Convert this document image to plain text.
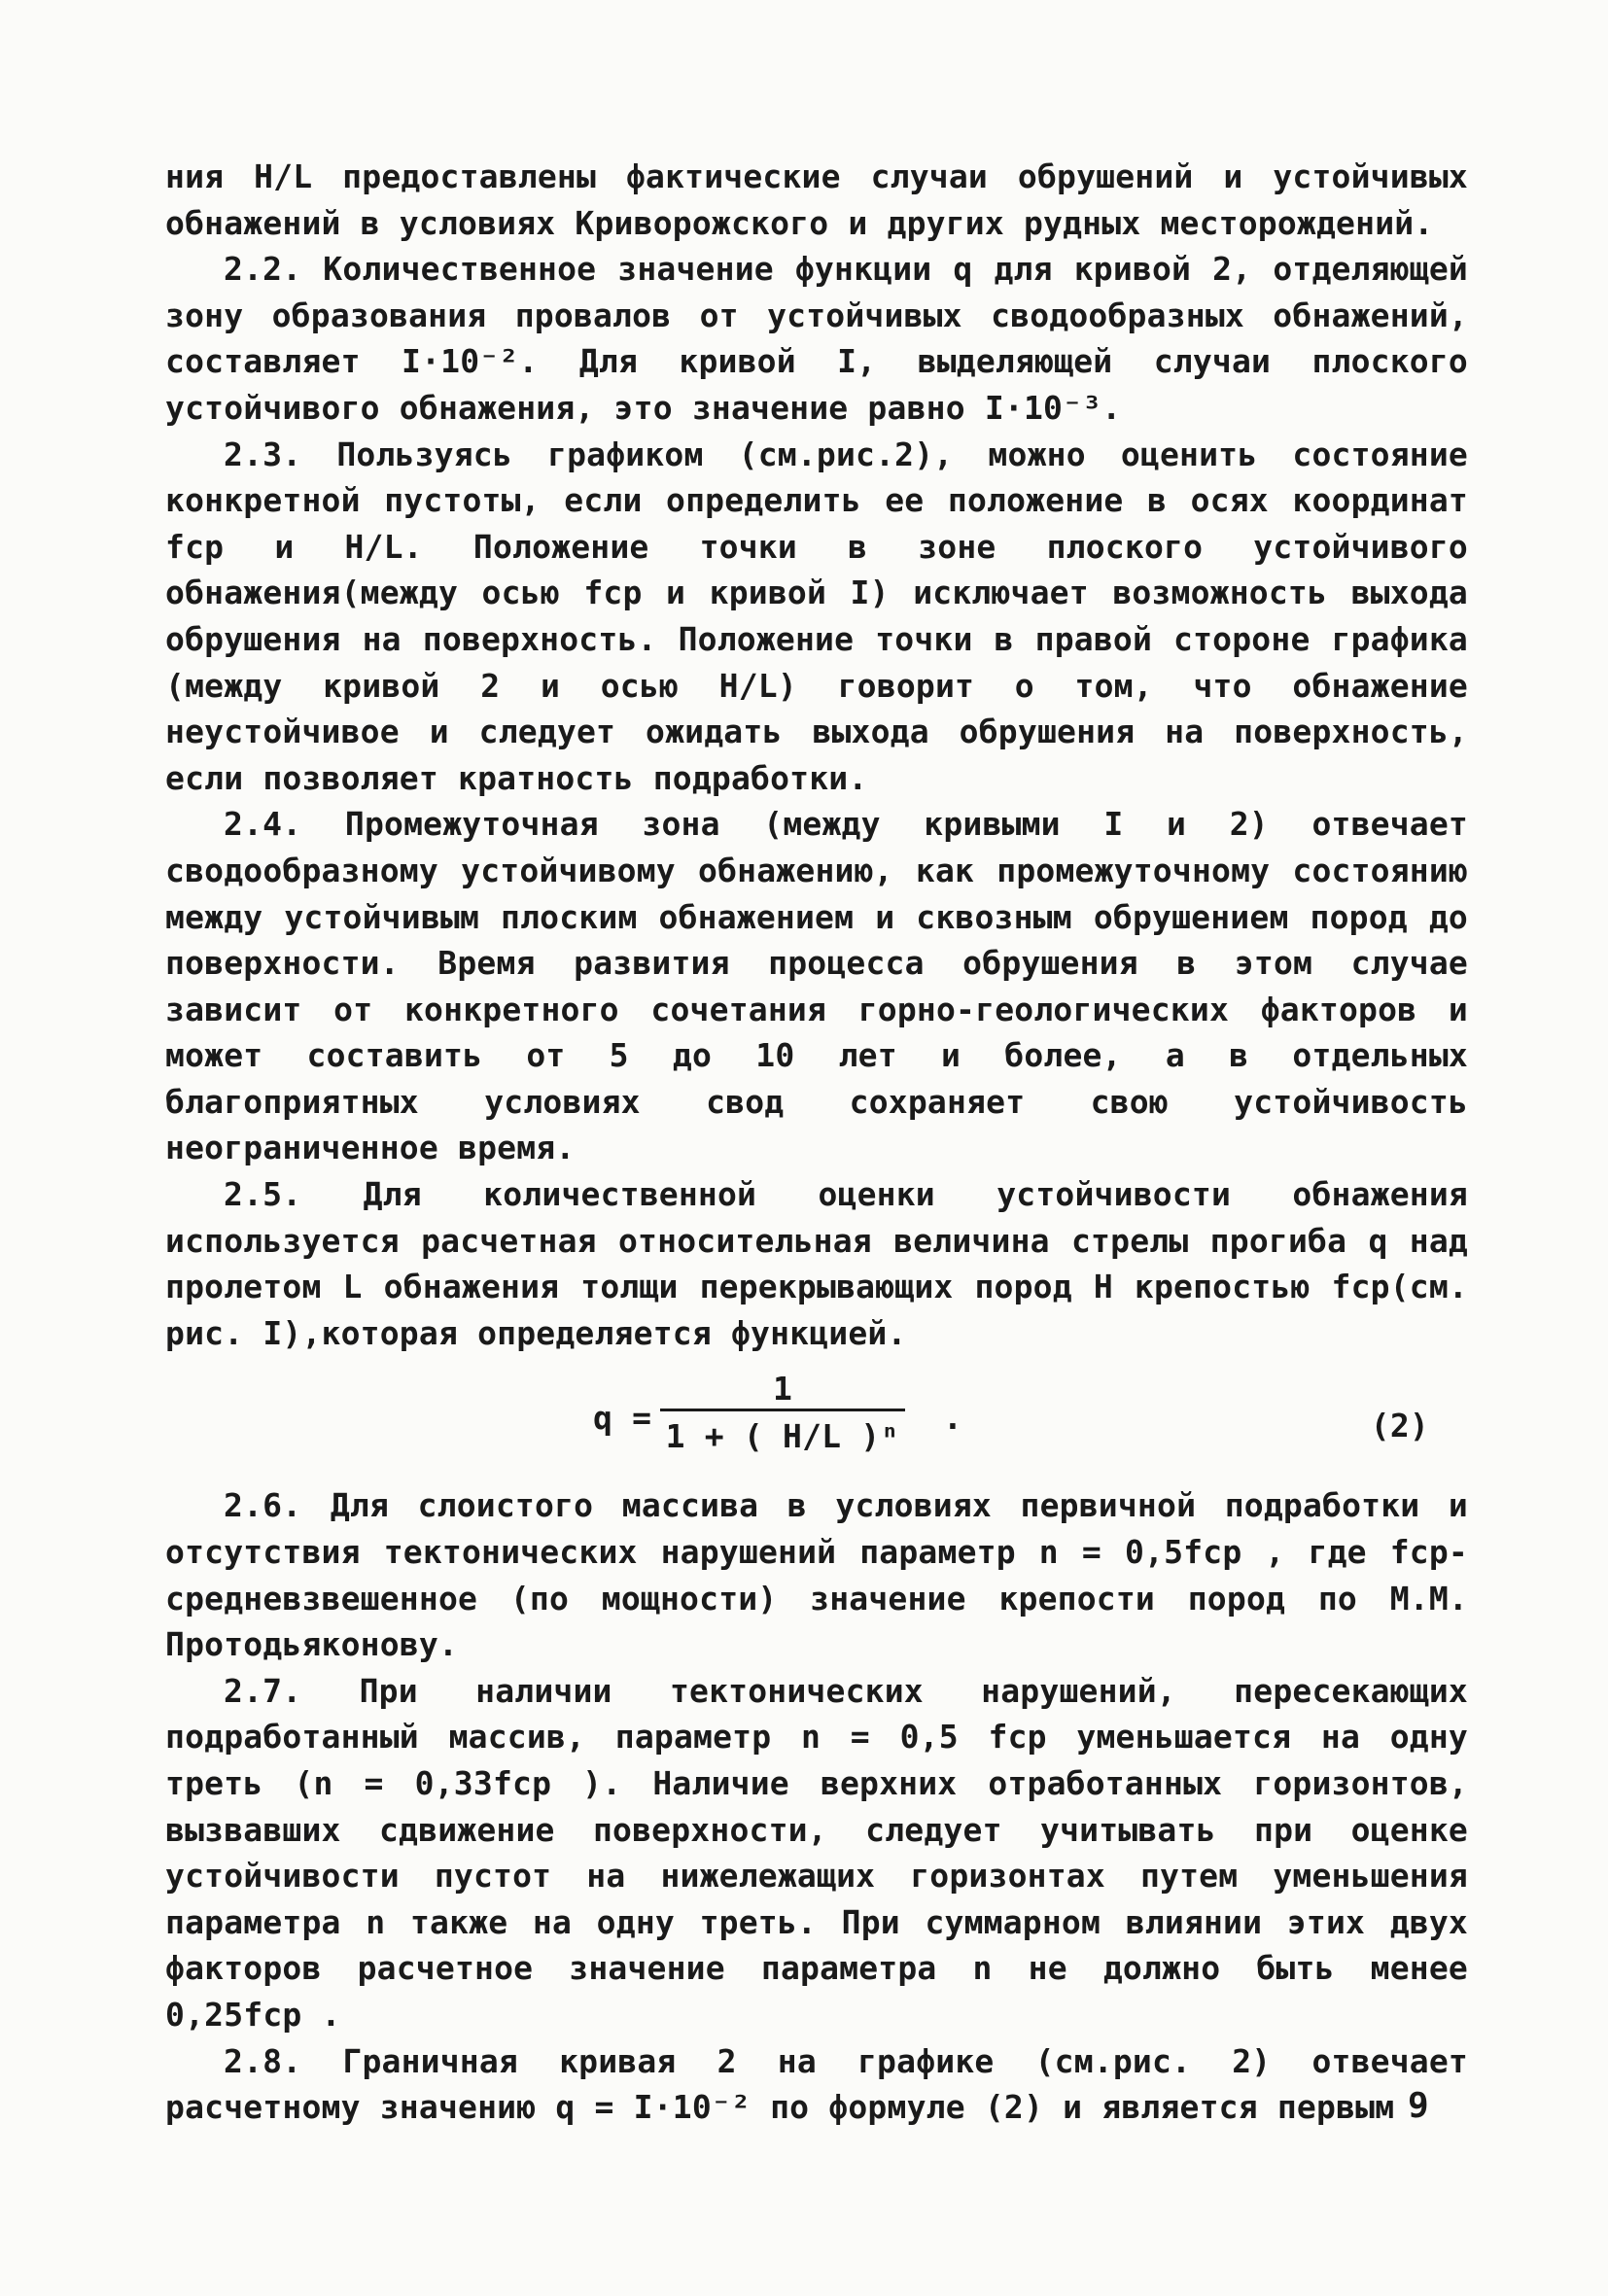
ния Н/L предоставлены фактические случаи обрушений и устойчивых обнажений в условиях Криворожского и других рудных месторождений.

2.2. Количественное значение функции q для кривой 2, отделяющей зону образования провалов от устойчивых сводообразных обнажений, составляет I·10⁻². Для кривой I, выделяющей случаи плоского устойчивого обнажения, это значение равно I·10⁻³.

2.3. Пользуясь графиком (см.рис.2), можно оценить состояние конкретной пустоты, если определить ее положение в осях координат fср и Н/L. Положение точки в зоне плоского устойчивого обнажения(между осью fср и кривой I) исключает возможность выхода обрушения на поверхность. Положение точки в правой стороне графика (между кривой 2 и осью Н/L) говорит о том, что обнажение неустойчивое и следует ожидать выхода обрушения на поверхность, если позволяет кратность подработки.

2.4. Промежуточная зона (между кривыми I и 2) отвечает сводообразному устойчивому обнажению, как промежуточному состоянию между устойчивым плоским обнажением и сквозным обрушением пород до поверхности. Время развития процесса обрушения в этом случае зависит от конкретного сочетания горно-геологических факторов и может составить от 5 до 10 лет и более, а в отдельных благоприятных условиях свод сохраняет свою устойчивость неограниченное время.

2.5. Для количественной оценки устойчивости обнажения используется расчетная относительная величина стрелы прогиба q над пролетом L обнажения толщи перекрывающих пород Н крепостью fср(см. рис. I),которая определяется функцией.

q =
1
1 + ( Н/L )ⁿ .	(2)

2.6. Для слоистого массива в условиях первичной подработки и отсутствия тектонических нарушений параметр n = 0,5fср , где fср-средневзвешенное (по мощности) значение крепости пород по М.М. Протодьяконову.

2.7. При наличии тектонических нарушений, пересекающих подработанный массив, параметр n = 0,5 fср уменьшается на одну треть (n = 0,33fср ). Наличие верхних отработанных горизонтов, вызвавших сдвижение поверхности, следует учитывать при оценке устойчивости пустот на нижележащих горизонтах путем уменьшения параметра n также на одну треть. При суммарном влиянии этих двух факторов расчетное значение параметра n не должно быть менее 0,25fср .

2.8. Граничная кривая 2 на графике (см.рис. 2) отвечает расчетному значению q = I·10⁻² по формуле (2) и является первым 9
